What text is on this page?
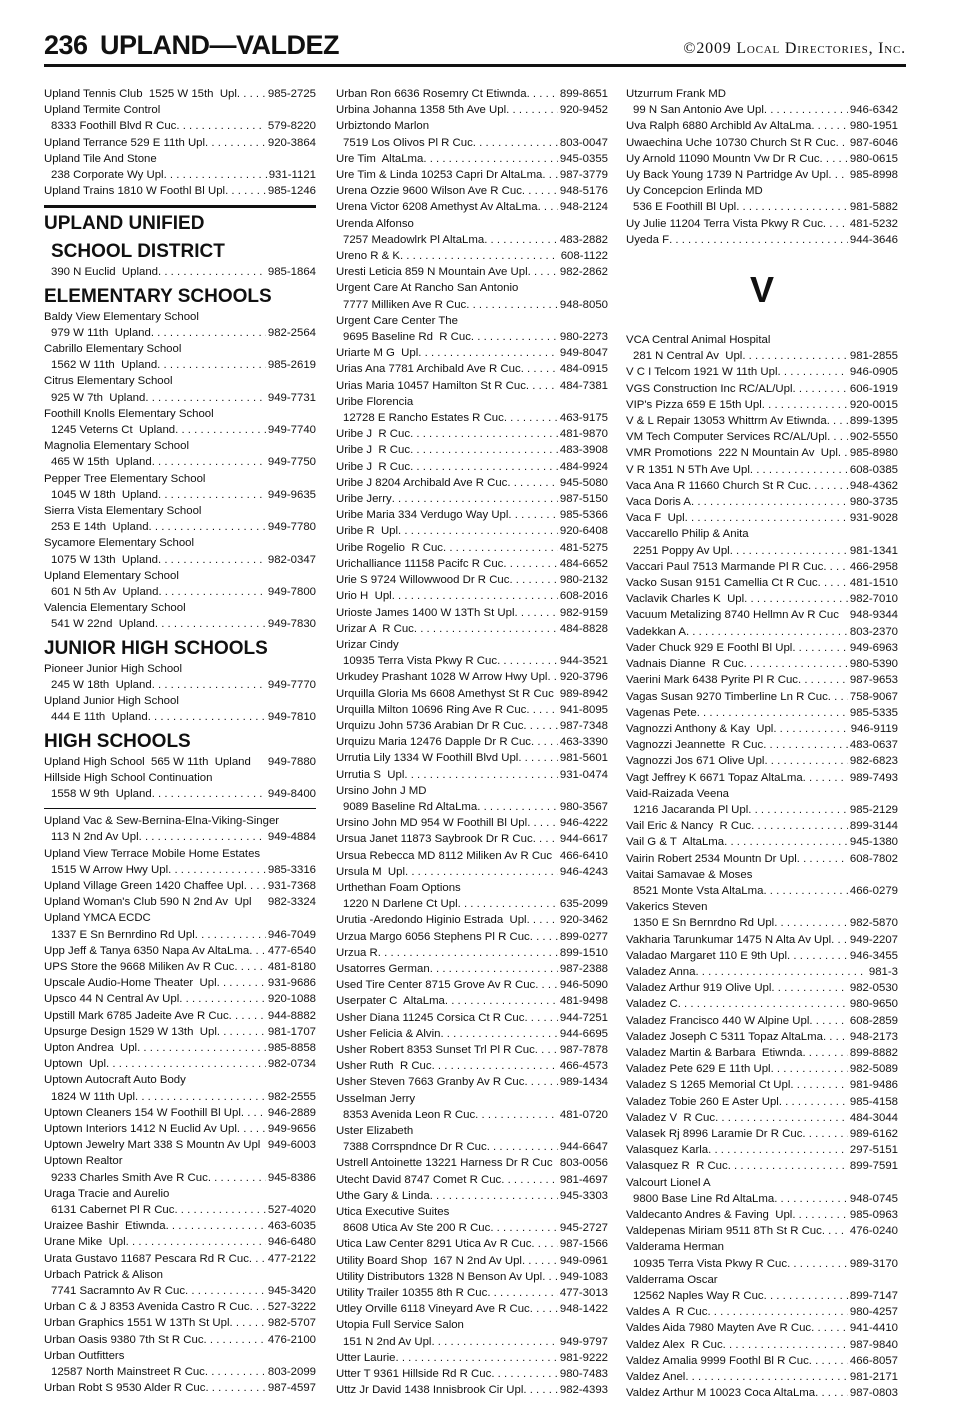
236 UPLAND—VALDEZ	©2009 Local Directories, Inc.
Upland Tennis Club  1525 W 15th  Upl . . .	985-2725
Upland Termite Control
8333 Foothill Blvd R Cuc . . .	579-8220
Upland Terrance 529 E 11th Upl . . .	920-3864
Upland Tile And Stone
238 Corporate Wy Upl . . .	931-1121
Upland Trains 1810 W Foothl Bl Upl . . .	985-1246
UPLAND UNIFIED
SCHOOL DISTRICT
390 N Euclid  Upland . . .	985-1864
ELEMENTARY SCHOOLS
Baldy View Elementary School
979 W 11th  Upland . . .	982-2564
Cabrillo Elementary School
1562 W 11th  Upland . . .	985-2619
Citrus Elementary School
925 W 7th  Upland . . .	949-7731
Foothill Knolls Elementary School
1245 Veterns Ct  Upland . . .	949-7740
Magnolia Elementary School
465 W 15th  Upland . . .	949-7750
Pepper Tree Elementary School
1045 W 18th  Upland . . .	949-9635
Sierra Vista Elementary School
253 E 14th  Upland . . .	949-7780
Sycamore Elementary School
1075 W 13th  Upland . . .	982-0347
Upland Elementary School
601 N 5th Av  Upland . . .	949-7800
Valencia Elementary School
541 W 22nd  Upland . . .	949-7830
JUNIOR HIGH SCHOOLS
Pioneer Junior High School
245 W 18th  Upland . . .	949-7770
Upland Junior High School
444 E 11th  Upland . . .	949-7810
HIGH SCHOOLS
Upland High School  565 W 11th  Upland 949-7880
Hillside High School Continuation
1558 W 9th  Upland . . .	949-8400
Upland Vac & Sew-Bernina-Elna-Viking-Singer
113 N 2nd Av Upl . . .	949-4884
Upland View Terrace Mobile Home Estates
1515 W Arrow Hwy Upl . . .	985-3316
Upland Village Green 1420 Chaffee Upl . . . 931-7368
Upland Woman's Club 590 N 2nd Av  Upl 982-3324
Upland YMCA ECDC
1337 E Sn Bernrdino Rd Upl . . .	946-7049
Upp Jeff & Tanya 6350 Napa Av AltaLma . . . 477-6540
UPS Store the 9668 Miliken Av R Cuc . . .	481-8180
Upscale Audio-Home Theater  Upl . . .	931-9686
Upsco 44 N Central Av Upl . . .	920-1088
Upstill Mark 6785 Jadeite Ave R Cuc . . .	944-8882
Upsurge Design 1529 W 13th  Upl . . .	981-1707
Upton Andrea  Upl . . .	985-8858
Uptown  Upl . . .	982-0734
Uptown Autocraft Auto Body
1824 W 11th Upl . . .	982-2555
Uptown Cleaners 154 W Foothill Bl Upl . . . 946-2889
Uptown Interiors 1412 N Euclid Av Upl . . .	949-9656
Uptown Jewelry Mart 338 S Mountn Av Upl 949-6003
Uptown Realtor
9233 Charles Smith Ave R Cuc . . .	945-8386
Uraga Tracie and Aurelio
6131 Cabernet Pl R Cuc . . .	527-4020
Uraizee Bashir  Etiwnda . . .	463-6035
Urane Mike  Upl . . .	946-6480
Urata Gustavo 11687 Pescara Rd R Cuc . . . 477-2122
Urbach Patrick & Alison
7741 Sacramnto Av R Cuc . . .	945-3420
Urban C & J 8353 Avenida Castro R Cuc . . . 527-3222
Urban Graphics 1551 W 13Th St Upl . . .	982-5707
Urban Oasis 9380 7th St R Cuc . . .	476-2100
Urban Outfitters
12587 North Mainstreet R Cuc . . .	803-2099
Urban Robt S 9530 Alder R Cuc . . .	987-4597
Urban Ron 6636 Rosemry Ct Etiwnda . . .	899-8651
Urbina Johanna 1358 5th Ave Upl . . .	920-9452
Urbiztondo Marlon
7519 Los Olivos Pl R Cuc . . .	803-0047
Ure Tim  AltaLma . . .	945-0355
Ure Tim & Linda 10253 Capri Dr AltaLma . . . 987-3779
Urena Ozzie 9600 Wilson Ave R Cuc . . .	948-5176
Urena Victor 6208 Amethyst Av AltaLma . . . 948-2124
Urenda Alfonso
7257 Meadowlrk Pl AltaLma . . .	483-2882
Ureno R & K . . .	608-1122
Uresti Leticia 859 N Mountain Ave Upl . . .	982-2862
Urgent Care At Rancho San Antonio
7777 Milliken Ave R Cuc . . .	948-8050
Urgent Care Center The
9695 Baseline Rd  R Cuc . . .	980-2273
Uriarte M G  Upl . . .	949-8047
Urias Ana 7781 Archibald Ave R Cuc . . .	484-0915
Urias Maria 10457 Hamilton St R Cuc . . .	484-7381
Uribe Florencia
12728 E Rancho Estates R Cuc . . .	463-9175
Uribe J  R Cuc . . .	481-9870
Uribe J  R Cuc . . .	483-3908
Uribe J  R Cuc . . .	484-9924
Uribe J 8204 Archibald Ave R Cuc . . .	945-5080
Uribe Jerry . . .	987-5150
Uribe Maria 334 Verdugo Way Upl . . .	985-5366
Uribe R  Upl . . .	920-6408
Uribe Rogelio  R Cuc . . .	481-5275
Urichalliance 11158 Pacifc R Cuc . . .	484-6652
Urie S 9724 Willowwood Dr R Cuc . . .	980-2132
Urio H  Upl . . .	608-2016
Urioste James 1400 W 13Th St Upl . . .	982-9159
Urizar A  R Cuc . . .	484-8828
Urizar Cindy
10935 Terra Vista Pkwy R Cuc . . .	944-3521
Urkudey Prashant 1028 W Arrow Hwy Upl . . . 920-3796
Urquilla Gloria Ms 6608 Amethyst St R Cuc 989-8942
Urquilla Milton 10696 Ring Ave R Cuc . . .	941-8095
Urquizu John 5736 Arabian Dr R Cuc . . .	987-7348
Urquizu Maria 12476 Dapple Dr R Cuc . . .	463-3390
Urrutia Lily 1334 W Foothill Blvd Upl . . .	981-5601
Urrutia S  Upl . . .	931-0474
Ursino John J MD
9089 Baseline Rd AltaLma . . .	980-3567
Ursino John MD 954 W Foothill Bl Upl . . .	946-4222
Ursua Janet 11873 Saybrook Dr R Cuc . . . 944-6617
Ursua Rebecca MD 8112 Miliken Av R Cuc 466-6410
Ursula M  Upl . . .	946-4243
Urthethan Foam Options
1220 N Darlene Ct Upl . . .	635-2099
Urutia -Aredondo Higinio Estrada  Upl . . .	920-3462
Urzua Margo 6056 Stephens Pl R Cuc . . .	899-0277
Urzua R . . .	899-1510
Usatorres German . . .	987-2388
Used Tire Center 8715 Grove Av R Cuc . . . 946-5090
Userpater C  AltaLma . . .	481-9498
Usher Diana 11245 Corsica Ct R Cuc . . .	944-7251
Usher Felicia & Alvin . . .	944-6695
Usher Robert 8353 Sunset Trl Pl R Cuc . . . 987-7878
Usher Ruth  R Cuc . . .	466-4573
Usher Steven 7663 Granby Av R Cuc . . .	989-1434
Usselman Jerry
8353 Avenida Leon R Cuc . . .	481-0720
Uster Elizabeth
7388 Corrspndnce Dr R Cuc . . .	944-6647
Ustrell Antoinette 13221 Harness Dr R Cuc 803-0056
Utecht David 8747 Comet R Cuc . . .	981-4697
Uthe Gary & Linda . . .	945-3303
Utica Executive Suites
8608 Utica Av Ste 200 R Cuc . . .	945-2727
Utica Law Center 8291 Utica Av R Cuc . . . 987-1566
Utility Board Shop  167 N 2nd Av Upl . . .	949-0961
Utility Distributors 1328 N Benson Av Upl . . . 949-1083
Utility Trailer 10355 8th R Cuc . . .	477-3013
Utley Orville 6118 Vineyard Ave R Cuc . . .	948-1422
Utopia Full Service Salon
151 N 2nd Av Upl . . .	949-9797
Utter Laurie . . .	981-9222
Utter T 9361 Hillside Rd R Cuc . . .	980-7483
Uttz Jr David 1438 Innisbrook Cir Upl . . .	982-4393
Utzurrum Frank MD
99 N San Antonio Ave Upl . . .	946-6342
Uva Ralph 6880 Archibld Av AltaLma . . .	980-1951
Uwaechina Uche 10730 Church St R Cuc . . . 987-6046
Uy Arnold 11090 Mountn Vw Dr R Cuc . . .	980-0615
Uy Back Young 1739 N Partridge Av Upl . . . 985-8998
Uy Concepcion Erlinda MD
536 E Foothill Bl Upl . . .	981-5882
Uy Julie 11204 Terra Vista Pkwy R Cuc . . . 481-5232
Uyeda F . . .	944-3646
V
VCA Central Animal Hospital
281 N Central Av  Upl . . .	981-2855
V C I Telcom 1921 W 11th Upl . . .	946-0905
VGS Construction Inc RC/AL/Upl . . .	606-1919
VIP's Pizza 659 E 15th Upl . . .	920-0015
V & L Repair 13053 Whittrm Av Etiwnda . . . 899-1395
VM Tech Computer Services RC/AL/Upl . . . 902-5550
VMR Promotions  222 N Mountain Av  Upl . . . 985-8980
V R 1351 N 5Th Ave Upl . . .	608-0385
Vaca Ana R 11660 Church St R Cuc . . .	948-4362
Vaca Doris A . . .	980-3735
Vaca F  Upl . . .	931-9028
Vaccarello Philip & Anita
2251 Poppy Av Upl . . .	981-1341
Vaccari Paul 7513 Marmande Pl R Cuc . . . 466-2958
Vacko Susan 9151 Camellia Ct R Cuc . . .	481-1510
Vaclavik Charles K  Upl . . .	982-7010
Vacuum Metalizing 8740 Hellmn Av R Cuc 948-9344
Vadekkan A . . .	803-2370
Vader Chuck 929 E Foothl Bl Upl . . .	949-6963
Vadnais Dianne  R Cuc . . .	980-5390
Vaerini Mark 6438 Pyrite Pl R Cuc . . .	987-9653
Vagas Susan 9270 Timberline Ln R Cuc . . . 758-9067
Vagenas Pete . . .	985-5335
Vagnozzi Anthony & Kay  Upl . . .	946-9119
Vagnozzi Jeannette  R Cuc . . .	483-0637
Vagnozzi Jos 671 Olive Upl . . .	982-6823
Vagt Jeffrey K 6671 Topaz AltaLma . . .	989-7493
Vaid-Raizada Veena
1216 Jacaranda Pl Upl . . .	985-2129
Vail Eric & Nancy  R Cuc . . .	899-3144
Vail G & T  AltaLma . . .	945-1380
Vairin Robert 2534 Mountn Dr Upl . . .	608-7802
Vaitai Samavae & Moses
8521 Monte Vsta AltaLma . . .	466-0279
Vakerics Steven
1350 E Sn Bernrdno Rd Upl . . .	982-5870
Vakharia Tarunkumar 1475 N Alta Av Upl . . . 949-2207
Valadao Margaret 110 E 9th Upl . . .	946-3455
Valadez Anna . . .	981-3
Valadez Arthur 919 Olive Upl . . .	982-0530
Valadez C . . .	980-9650
Valadez Francisco 440 W Alpine Upl . . .	608-2859
Valadez Joseph C 5311 Topaz AltaLma . . . 948-2173
Valadez Martin & Barbara  Etiwnda . . .	899-8882
Valadez Pete 629 E 11th Upl . . .	982-5089
Valadez S 1265 Memorial Ct Upl . . .	981-9486
Valadez Tobie 260 E Aster Upl . . .	985-4158
Valadez V  R Cuc . . .	484-3044
Valasek Rj 8996 Laramie Dr R Cuc . . .	989-6162
Valasquez Karla . . .	297-5151
Valasquez R  R Cuc . . .	899-7591
Valcourt Lionel A
9800 Base Line Rd AltaLma . . .	948-0745
Valdecanto Andres & Faving  Upl . . .	985-0963
Valdepenas Miriam 9511 8Th St R Cuc . . . 476-0240
Valderama Herman
10935 Terra Vista Pkwy R Cuc . . .	989-3170
Valderrama Oscar
12562 Naples Way R Cuc . . .	899-7147
Valdes A  R Cuc . . .	980-4257
Valdes Aida 7980 Mayten Ave R Cuc . . .	941-4410
Valdez Alex  R Cuc . . .	987-9840
Valdez Amalia 9999 Foothl Bl R Cuc . . .	466-8057
Valdez Anel . . .	981-2171
Valdez Arthur M 10023 Coca AltaLma . . .	987-0803
